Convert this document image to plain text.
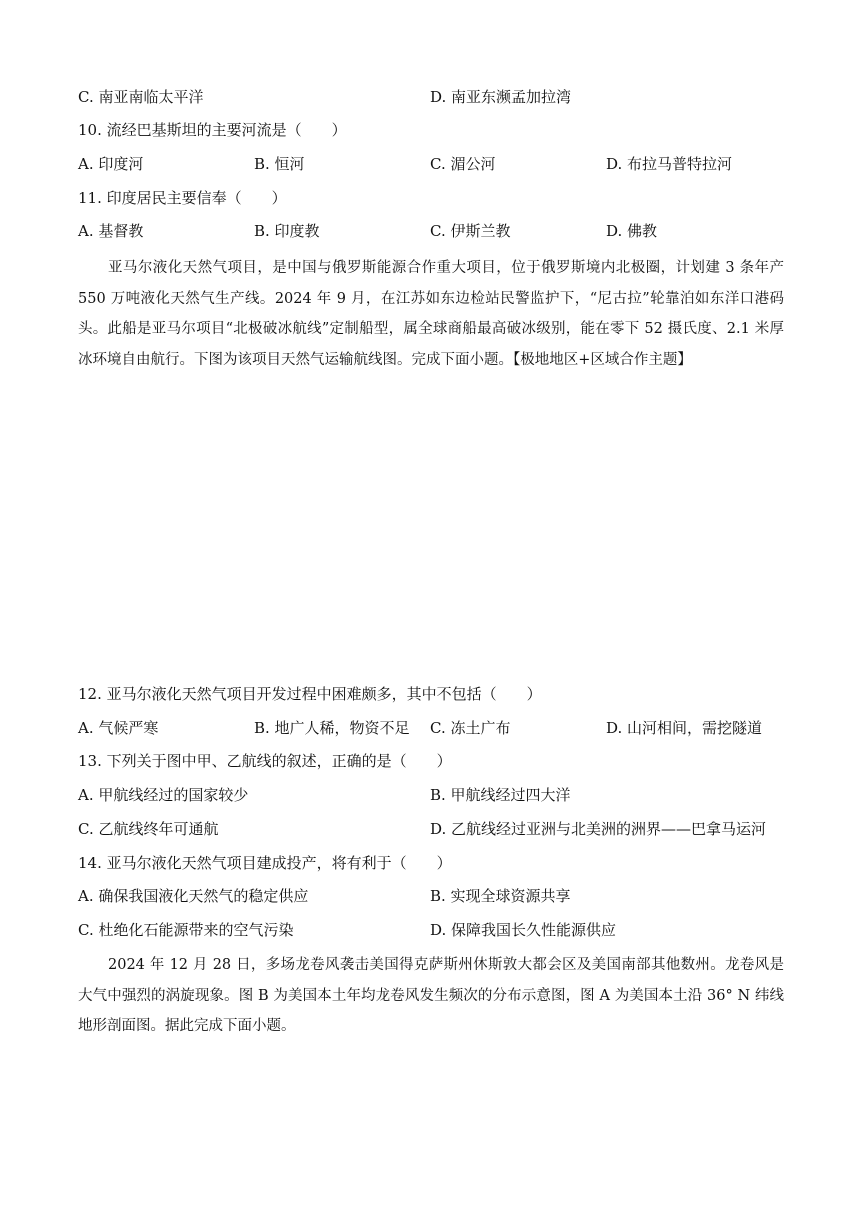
C. 南亚南临太平洋	D. 南亚东濒孟加拉湾
10. 流经巴基斯坦的主要河流是（　　）
A. 印度河	B. 恒河	C. 湄公河	D. 布拉马普特拉河
11. 印度居民主要信奉（　　）
A. 基督教	B. 印度教	C. 伊斯兰教	D. 佛教
亚马尔液化天然气项目，是中国与俄罗斯能源合作重大项目，位于俄罗斯境内北极圈，计划建 3 条年产 550 万吨液化天然气生产线。2024 年 9 月，在江苏如东边检站民警监护下，“尼古拉”轮靠泊如东洋口港码头。此船是亚马尔项目“北极破冰航线”定制船型，属全球商船最高破冰级别，能在零下 52 摄氏度、2.1 米厚冰环境自由航行。下图为该项目天然气运输航线图。完成下面小题。【极地地区+区域合作主题】
12. 亚马尔液化天然气项目开发过程中困难颇多，其中不包括（　　）
A. 气候严寒	B. 地广人稀，物资不足 C. 冻土广布	D. 山河相间，需挖隧道
13. 下列关于图中甲、乙航线的叙述，正确的是（　　）
A. 甲航线经过的国家较少	B. 甲航线经过四大洋
C. 乙航线终年可通航	D. 乙航线经过亚洲与北美洲的洲界——巴拿马运河
14. 亚马尔液化天然气项目建成投产，将有利于（　　）
A. 确保我国液化天然气的稳定供应	B. 实现全球资源共享
C. 杜绝化石能源带来的空气污染	D. 保障我国长久性能源供应
2024 年 12 月 28 日，多场龙卷风袭击美国得克萨斯州休斯敦大都会区及美国南部其他数州。龙卷风是大气中强烈的涡旋现象。图 B 为美国本土年均龙卷风发生频次的分布示意图，图 A 为美国本土沿 36° N 纬线地形剖面图。据此完成下面小题。
